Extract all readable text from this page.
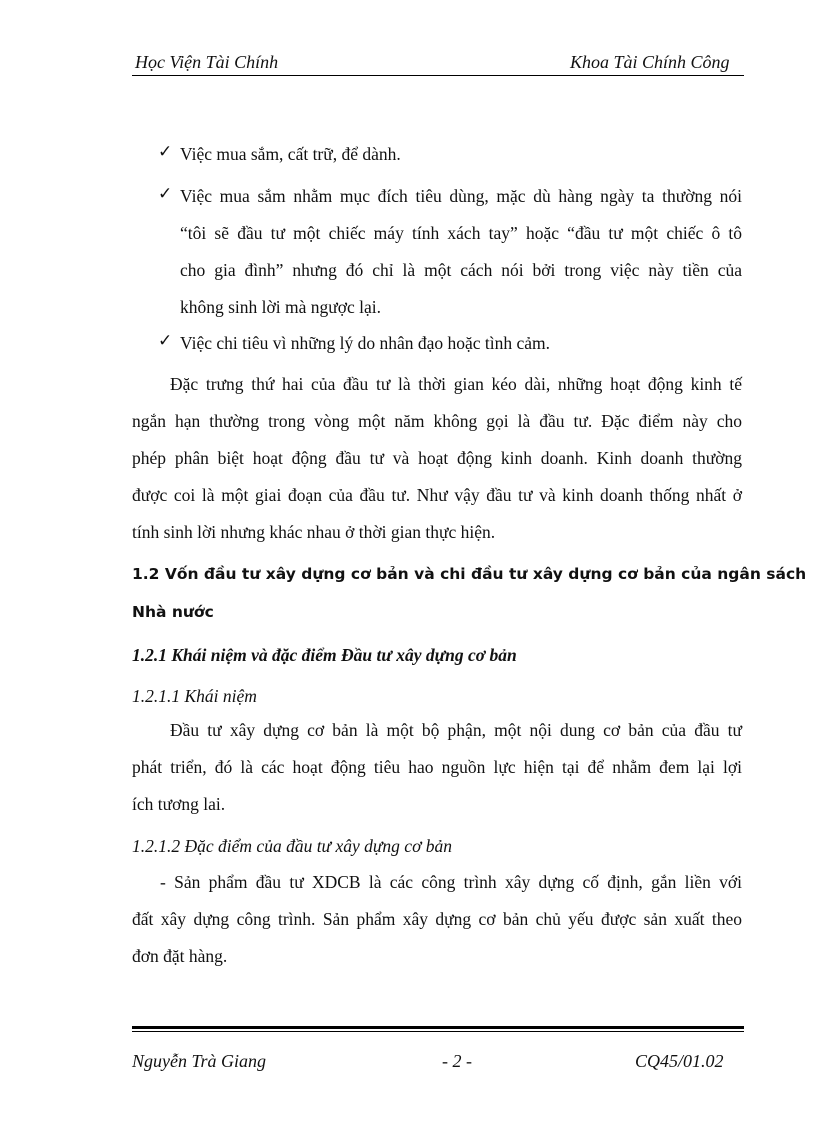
Học Viện Tài Chính	Khoa Tài Chính Công
✓ Việc mua sắm, cất trữ, để dành.
✓ Việc mua sắm nhằm mục đích tiêu dùng, mặc dù hàng ngày ta thường nói
“tôi sẽ đầu tư một chiếc máy tính xách tay” hoặc “đầu tư một chiếc ô tô
cho gia đình” nhưng đó chỉ là một cách nói bởi trong việc này tiền của
không sinh lời mà ngược lại.
✓ Việc chi tiêu vì những lý do nhân đạo hoặc tình cảm.
Đặc trưng thứ hai của đầu tư là thời gian kéo dài, những hoạt động kinh tế
ngắn hạn thường trong vòng một năm không gọi là đầu tư. Đặc điểm này cho
phép phân biệt hoạt động đầu tư và hoạt động kinh doanh. Kinh doanh thường
được coi là một giai đoạn của đầu tư. Như vậy đầu tư và kinh doanh thống nhất ở
tính sinh lời nhưng khác nhau ở thời gian thực hiện.
1.2 Vốn đầu tư xây dựng cơ bản và chi đầu tư xây dựng cơ bản của ngân sách
Nhà nước
1.2.1 Khái niệm và đặc điểm Đầu tư xây dựng cơ bản
1.2.1.1 Khái niệm
Đầu tư xây dựng cơ bản là một bộ phận, một nội dung cơ bản của đầu tư
phát triển, đó là các hoạt động tiêu hao nguồn lực hiện tại để nhằm đem lại lợi
ích tương lai.
1.2.1.2 Đặc điểm của đầu tư xây dựng cơ bản
- Sản phẩm đầu tư XDCB là các công trình xây dựng cố định, gắn liền với
đất xây dựng công trình. Sản phẩm xây dựng cơ bản chủ yếu được sản xuất theo
đơn đặt hàng.
Nguyễn Trà Giang	- 2 -	CQ45/01.02
